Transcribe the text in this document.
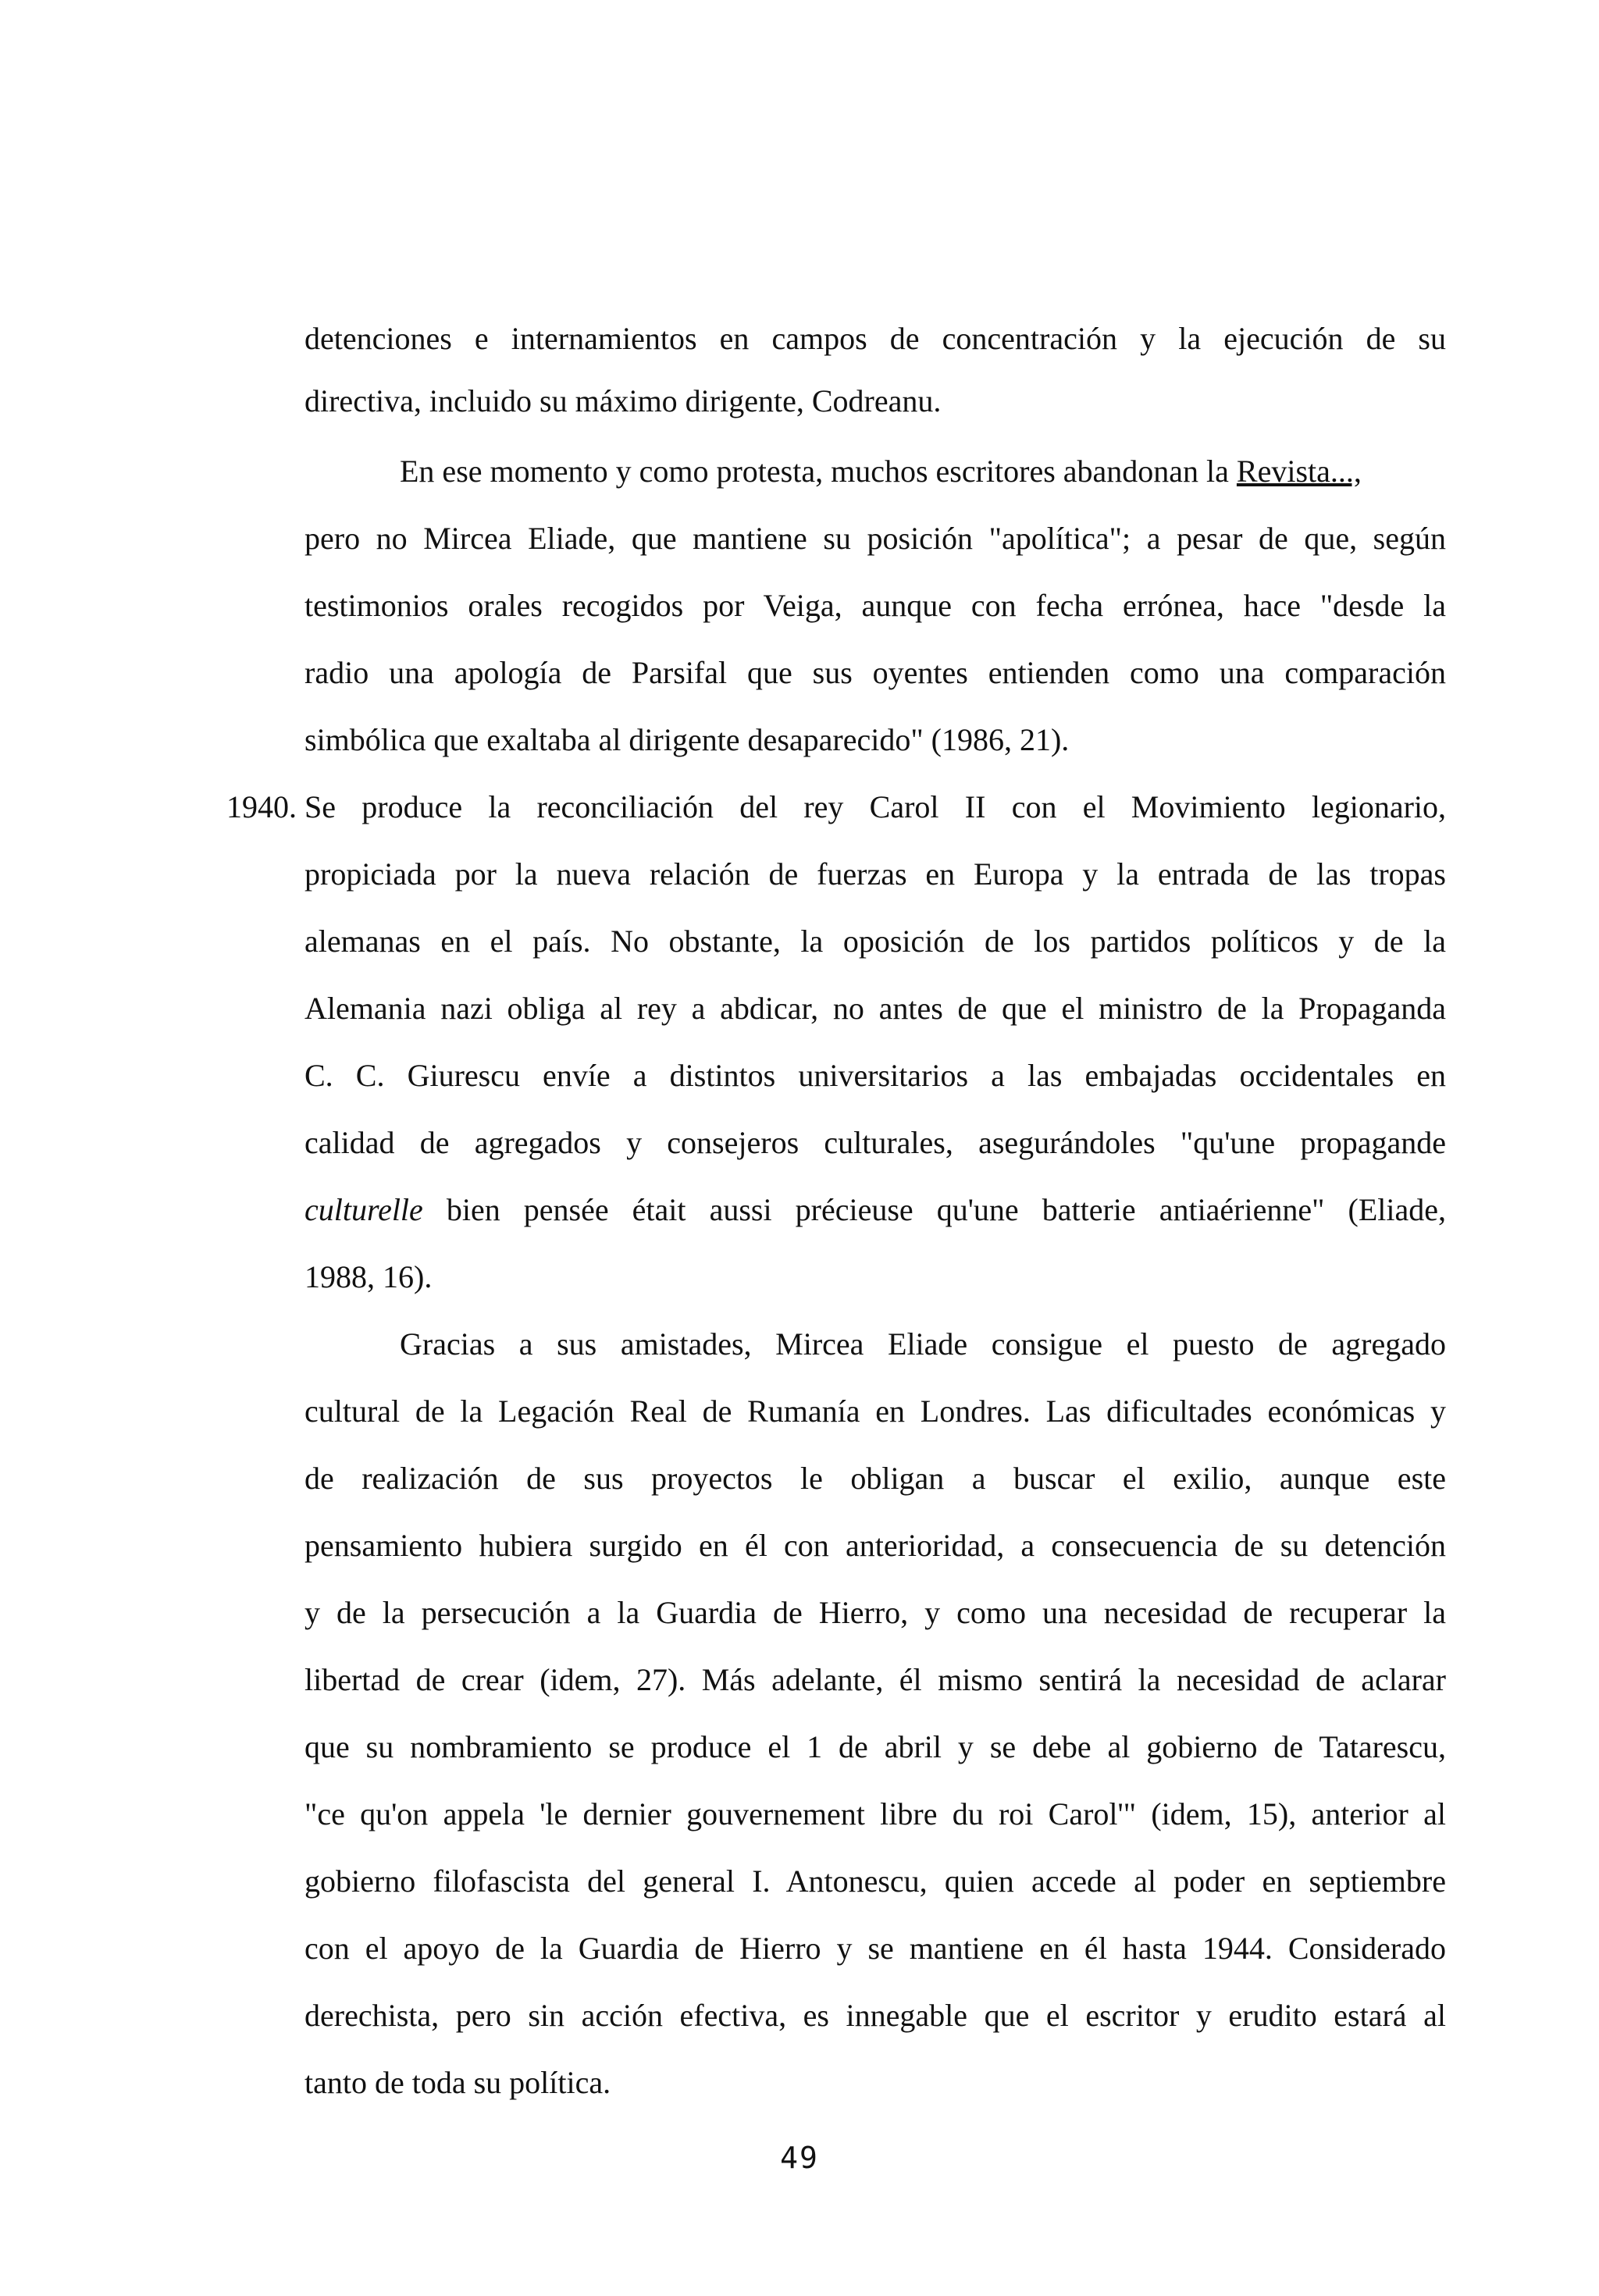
detenciones e internamientos en campos de concentración y la ejecución de su
directiva, incluido su máximo dirigente, Codreanu.
En ese momento y como protesta, muchos escritores abandonan la Revista...,
pero no Mircea Eliade, que mantiene su posición "apolítica"; a pesar de que, según
testimonios orales recogidos por Veiga, aunque con fecha errónea, hace "desde la
radio una apología de Parsifal que sus oyentes entienden como una comparación
simbólica que exaltaba al dirigente desaparecido" (1986, 21).
1940. Se produce la reconciliación del rey Carol II con el Movimiento legionario,
propiciada por la nueva relación de fuerzas en Europa y la entrada de las tropas
alemanas en el país. No obstante, la oposición de los partidos políticos y de la
Alemania nazi obliga al rey a abdicar, no antes de que el ministro de la Propaganda
C. C. Giurescu envíe a distintos universitarios a las embajadas occidentales en
calidad de agregados y consejeros culturales, asegurándoles "qu'une propagande
culturelle bien pensée était aussi précieuse qu'une batterie antiaérienne" (Eliade,
1988, 16).
Gracias a sus amistades, Mircea Eliade consigue el puesto de agregado
cultural de la Legación Real de Rumanía en Londres. Las dificultades económicas y
de realización de sus proyectos le obligan a buscar el exilio, aunque este
pensamiento hubiera surgido en él con anterioridad, a consecuencia de su detención
y de la persecución a la Guardia de Hierro, y como una necesidad de recuperar la
libertad de crear (idem, 27). Más adelante, él mismo sentirá la necesidad de aclarar
que su nombramiento se produce el 1 de abril y se debe al gobierno de Tatarescu,
"ce qu'on appela 'le dernier gouvernement libre du roi Carol'" (idem, 15), anterior al
gobierno filofascista del general I. Antonescu, quien accede al poder en septiembre
con el apoyo de la Guardia de Hierro y se mantiene en él hasta 1944. Considerado
derechista, pero sin acción efectiva, es innegable que el escritor y erudito estará al
tanto de toda su política.
49
